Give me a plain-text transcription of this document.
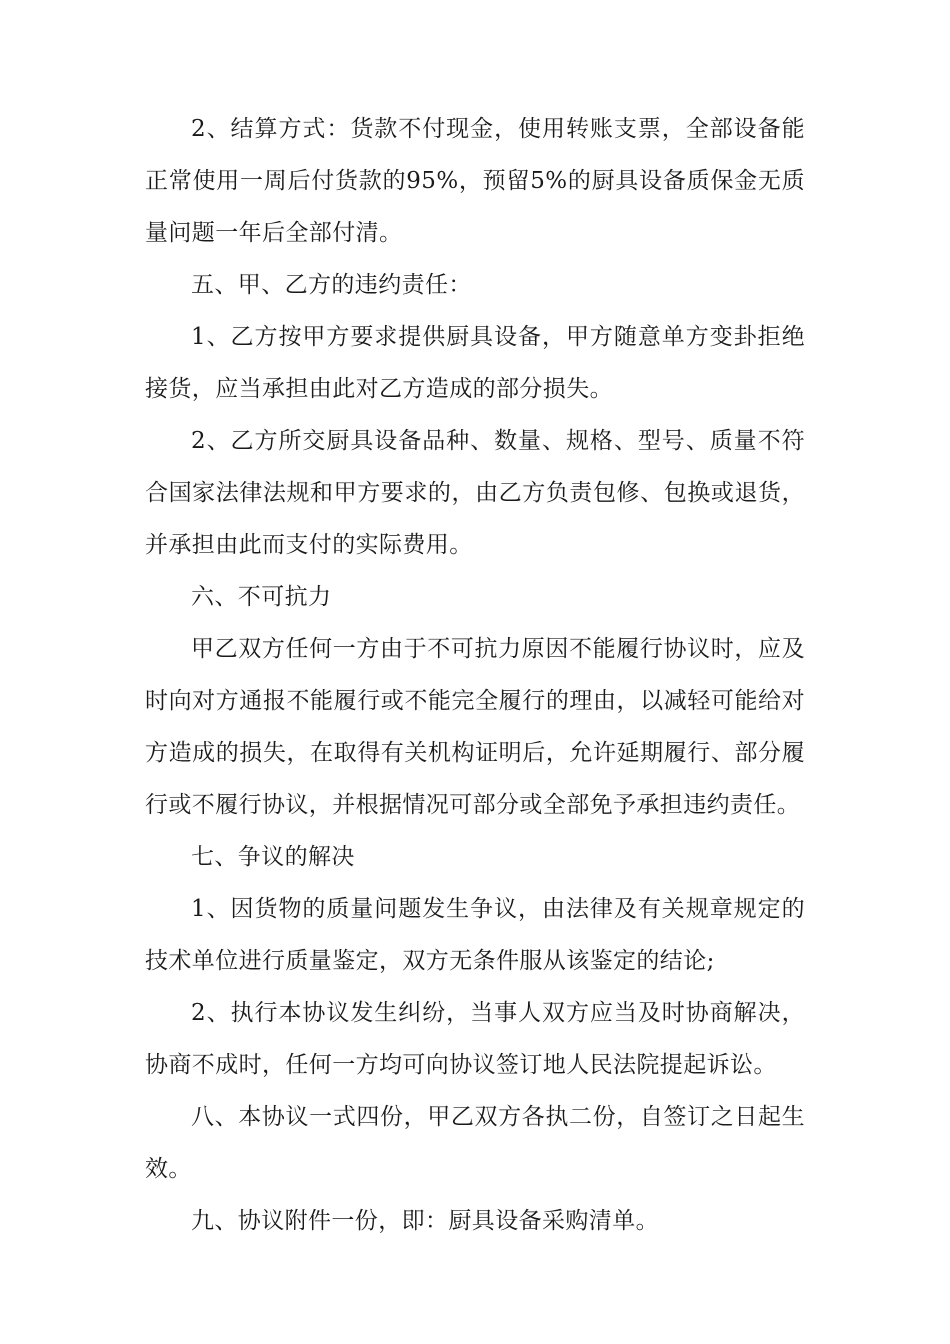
2、结算方式：货款不付现金，使用转账支票，全部设备能正常使用一周后付货款的95%，预留5%的厨具设备质保金无质量问题一年后全部付清。

五、甲、乙方的违约责任：

1、乙方按甲方要求提供厨具设备，甲方随意单方变卦拒绝接货，应当承担由此对乙方造成的部分损失。

2、乙方所交厨具设备品种、数量、规格、型号、质量不符合国家法律法规和甲方要求的，由乙方负责包修、包换或退货，并承担由此而支付的实际费用。

六、不可抗力

甲乙双方任何一方由于不可抗力原因不能履行协议时，应及时向对方通报不能履行或不能完全履行的理由，以减轻可能给对方造成的损失，在取得有关机构证明后，允许延期履行、部分履行或不履行协议，并根据情况可部分或全部免予承担违约责任。

七、争议的解决

1、因货物的质量问题发生争议，由法律及有关规章规定的技术单位进行质量鉴定，双方无条件服从该鉴定的结论;

2、执行本协议发生纠纷，当事人双方应当及时协商解决，协商不成时，任何一方均可向协议签订地人民法院提起诉讼。

八、本协议一式四份，甲乙双方各执二份，自签订之日起生效。

九、协议附件一份，即：厨具设备采购清单。
